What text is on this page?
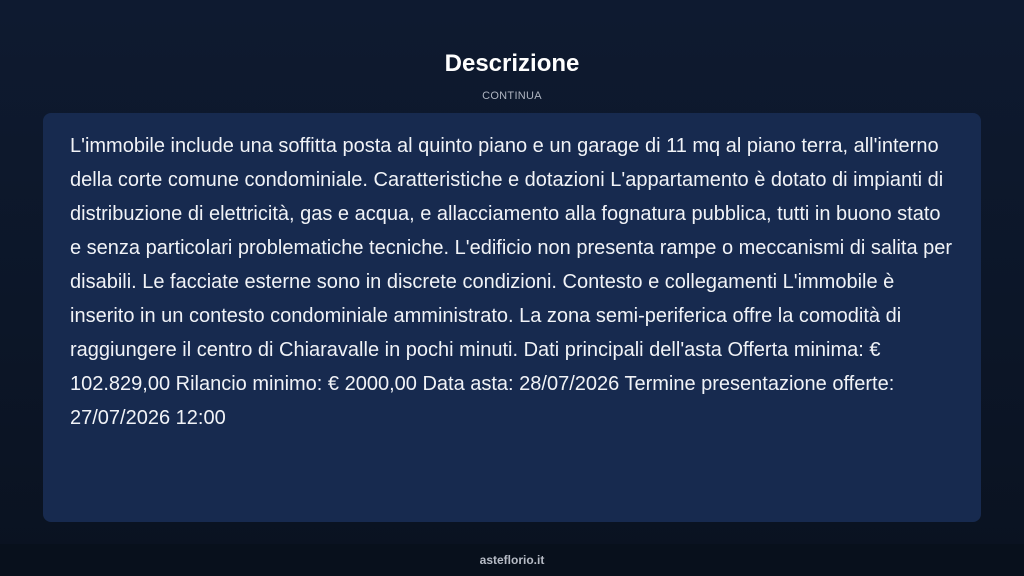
Descrizione
CONTINUA

L'immobile include una soffitta posta al quinto piano e un garage di 11 mq al piano terra, all'interno della corte comune condominiale. Caratteristiche e dotazioni L'appartamento è dotato di impianti di distribuzione di elettricità, gas e acqua, e allacciamento alla fognatura pubblica, tutti in buono stato e senza particolari problematiche tecniche. L'edificio non presenta rampe o meccanismi di salita per disabili. Le facciate esterne sono in discrete condizioni. Contesto e collegamenti L'immobile è inserito in un contesto condominiale amministrato. La zona semi-periferica offre la comodità di raggiungere il centro di Chiaravalle in pochi minuti. Dati principali dell'asta Offerta minima: € 102.829,00 Rilancio minimo: € 2000,00 Data asta: 28/07/2026 Termine presentazione offerte: 27/07/2026 12:00

asteflorio.it
